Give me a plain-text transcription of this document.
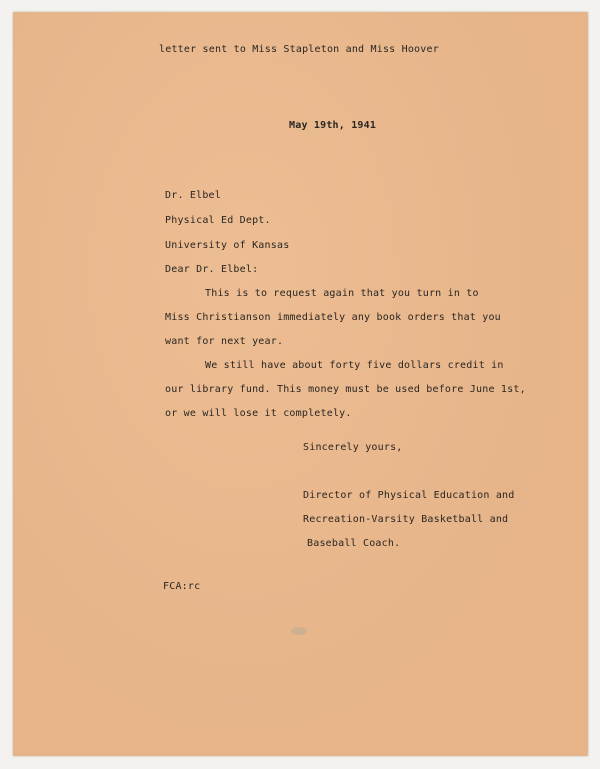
letter sent to Miss Stapleton and Miss Hoover
May 19th, 1941
Dr. Elbel
Physical Ed Dept.
University of Kansas
Dear Dr. Elbel:
This is to request again that you turn in to
Miss Christianson immediately any book orders that you
want for next year.
We still have about forty five dollars credit in
our library fund. This money must be used before June 1st,
or we will lose it completely.
Sincerely yours,
Director of Physical Education and
Recreation-Varsity Basketball and
Baseball Coach.
FCA:rc
